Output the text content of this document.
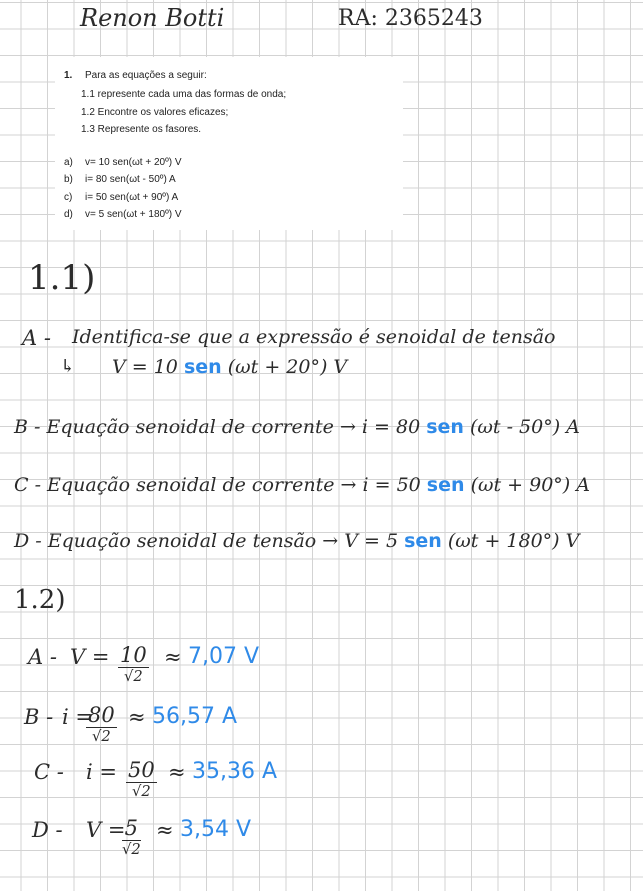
Renon Botti	RA: 2365243
1. Para as equações a seguir:
1.1 represente cada uma das formas de onda;
1.2 Encontre os valores eficazes;
1.3 Represente os fasores.
a) v= 10 sen(ωt + 20º) V
b) i= 80 sen(ωt - 50º) A
c) i= 50 sen(ωt + 90º) A
d) v= 5 sen(ωt + 180º) V
1.1)
A - Identifica-se que a expressão é senoidal de tensão
↳ V = 10 sen (ωt + 20°) V
B - Equação senoidal de corrente → i = 80 sen (ωt - 50°) A
C - Equação senoidal de corrente → i = 50 sen (ωt + 90°) A
D - Equação senoidal de tensão → V = 5 sen (ωt + 180°) V
1.2)
A - V = 10
√2
≈ 7,07 V
B - i =
80
√2
≈ 56,57 A
C - i = 50
√2
≈ 35,36 A
D - V = 5
√2
≈ 3,54 V
